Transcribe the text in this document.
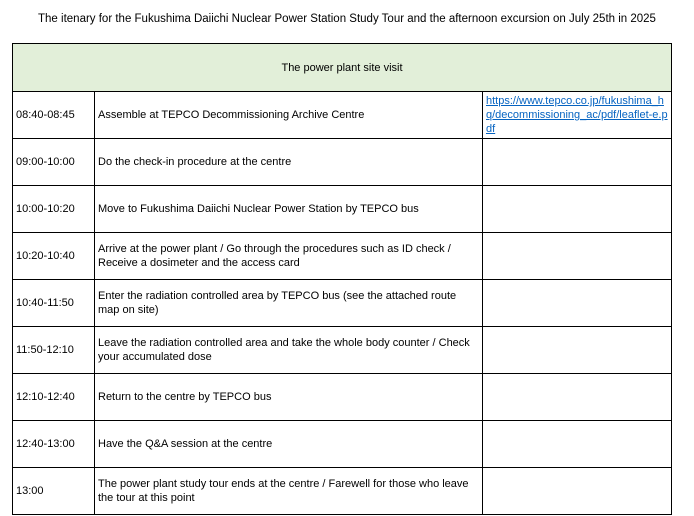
The itenary for the Fukushima Daiichi Nuclear Power Station Study Tour and the afternoon excursion on July 25th in 2025
The power plant site visit		
08:40-08:45	Assemble at TEPCO Decommissioning Archive Centre	https://www.tepco.co.jp/fukushima_hq/decommissioning_ac/pdf/leaflet-e.pdf
09:00-10:00	Do the check-in procedure at the centre	
10:00-10:20	Move to Fukushima Daiichi Nuclear Power Station by TEPCO bus	
10:20-10:40	Arrive at the power plant / Go through the procedures such as ID check / Receive a dosimeter and the access card	
10:40-11:50	Enter the radiation controlled area by TEPCO bus (see the attached route map on site)	
11:50-12:10	Leave the radiation controlled area and take the whole body counter / Check your accumulated dose	
12:10-12:40	Return to the centre by TEPCO bus	
12:40-13:00	Have the Q&A session at the centre	
13:00	The power plant study tour ends at the centre / Farewell for those who leave the tour at this point	
